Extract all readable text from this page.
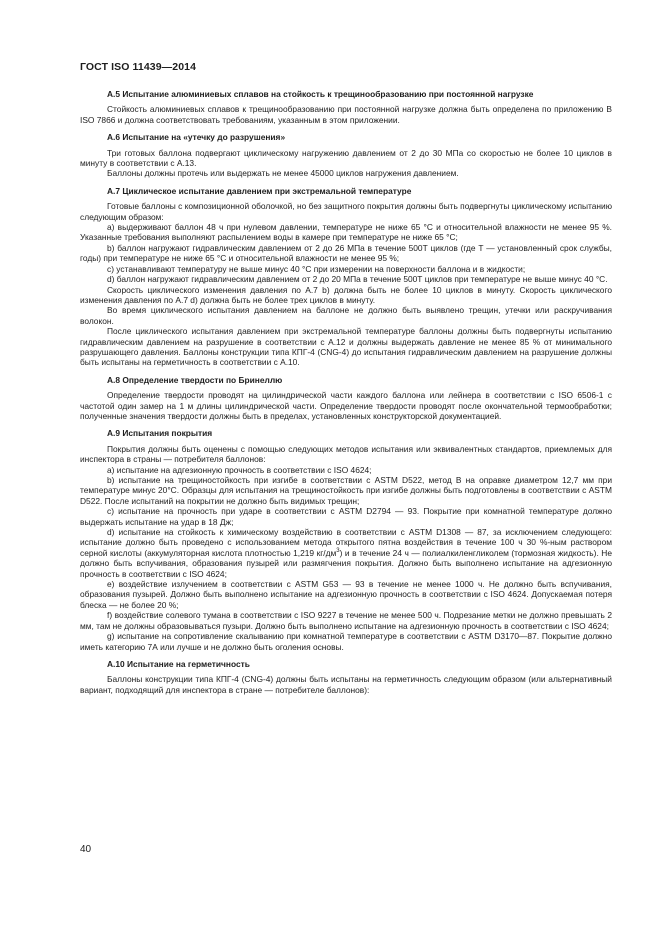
ГОСТ ISO 11439—2014
А.5 Испытание алюминиевых сплавов на стойкость к трещинообразованию при постоянной нагрузке

Стойкость алюминиевых сплавов к трещинообразованию при постоянной нагрузке должна быть определена по приложению В ISO 7866 и должна соответствовать требованиям, указанным в этом приложении.

А.6 Испытание на «утечку до разрушения»

Три готовых баллона подвергают циклическому нагружению давлением от 2 до 30 МПа со скоростью не более 10 циклов в минуту в соответствии с А.13.

Баллоны должны протечь или выдержать не менее 45000 циклов нагружения давлением.

А.7 Циклическое испытание давлением при экстремальной температуре

Готовые баллоны с композиционной оболочкой, но без защитного покрытия должны быть подвергнуты циклическому испытанию следующим образом:

a) выдерживают баллон 48 ч при нулевом давлении, температуре не ниже 65 °С и относительной влажности не менее 95 %. Указанные требования выполняют распылением воды в камере при температуре не ниже 65 °С;

b) баллон нагружают гидравлическим давлением от 2 до 26 МПа в течение 500Т циклов (где Т — установленный срок службы, годы) при температуре не ниже 65 °С и относительной влажности не менее 95 %;

c) устанавливают температуру не выше минус 40 °С при измерении на поверхности баллона и в жидкости;

d) баллон нагружают гидравлическим давлением от 2 до 20 МПа в течение 500Т циклов при температуре не выше минус 40 °С.

Скорость циклического изменения давления по А.7 b) должна быть не более 10 циклов в минуту. Скорость циклического изменения давления по А.7 d) должна быть не более трех циклов в минуту.

Во время циклического испытания давлением на баллоне не должно быть выявлено трещин, утечки или раскручивания волокон.

После циклического испытания давлением при экстремальной температуре баллоны должны быть подвергнуты испытанию гидравлическим давлением на разрушение в соответствии с А.12 и должны выдержать давление не менее 85 % от минимального разрушающего давления. Баллоны конструкции типа КПГ-4 (CNG-4) до испытания гидравлическим давлением на разрушение должны быть испытаны на герметичность в соответствии с А.10.

А.8 Определение твердости по Бринеллю

Определение твердости проводят на цилиндрической части каждого баллона или лейнера в соответствии с ISO 6506-1 с частотой один замер на 1 м длины цилиндрической части. Определение твердости проводят после окончательной термообработки; полученные значения твердости должны быть в пределах, установленных конструкторской документацией.

А.9 Испытания покрытия

Покрытия должны быть оценены с помощью следующих методов испытания или эквивалентных стандартов, приемлемых для инспектора в страны — потребителя баллонов:

a) испытание на адгезионную прочность в соответствии с ISO 4624;

b) испытание на трещиностойкость при изгибе в соответствии с ASTM D522, метод В на оправке диаметром 12,7 мм при температуре минус 20°С. Образцы для испытания на трещиностойкость при изгибе должны быть подготовлены в соответствии с ASTM D522. После испытаний на покрытии не должно быть видимых трещин;

c) испытание на прочность при ударе в соответствии с ASTM D2794 — 93. Покрытие при комнатной температуре должно выдержать испытание на удар в 18 Дж;

d) испытание на стойкость к химическому воздействию в соответствии с ASTM D1308 — 87, за исключением следующего: испытание должно быть проведено с использованием метода открытого пятна воздействия в течение 100 ч 30 %-ным раствором серной кислоты (аккумуляторная кислота плотностью 1,219 $кг/дм^3$) и в течение 24 ч — полиалкиленгликолем (тормозная жидкость). Не должно быть вспучивания, образования пузырей или размягчения покрытия. Должно быть выполнено испытание на адгезионную прочность в соответствии с ISO 4624;

e) воздействие излучением в соответствии с ASTM G53 — 93 в течение не менее 1000 ч. Не должно быть вспучивания, образования пузырей. Должно быть выполнено испытание на адгезионную прочность в соответствии с ISO 4624. Допускаемая потеря блеска — не более 20 %;

f) воздействие солевого тумана в соответствии с ISO 9227 в течение не менее 500 ч. Подрезание метки не должно превышать 2 мм, там не должны образовываться пузыри. Должно быть выполнено испытание на адгезионную прочность в соответствии с ISO 4624;

g) испытание на сопротивление скалыванию при комнатной температуре в соответствии с ASTM D3170—87. Покрытие должно иметь категорию 7А или лучше и не должно быть оголения основы.

А.10 Испытание на герметичность

Баллоны конструкции типа КПГ-4 (CNG-4) должны быть испытаны на герметичность следующим образом (или альтернативный вариант, подходящий для инспектора в стране — потребителе баллонов):

40
